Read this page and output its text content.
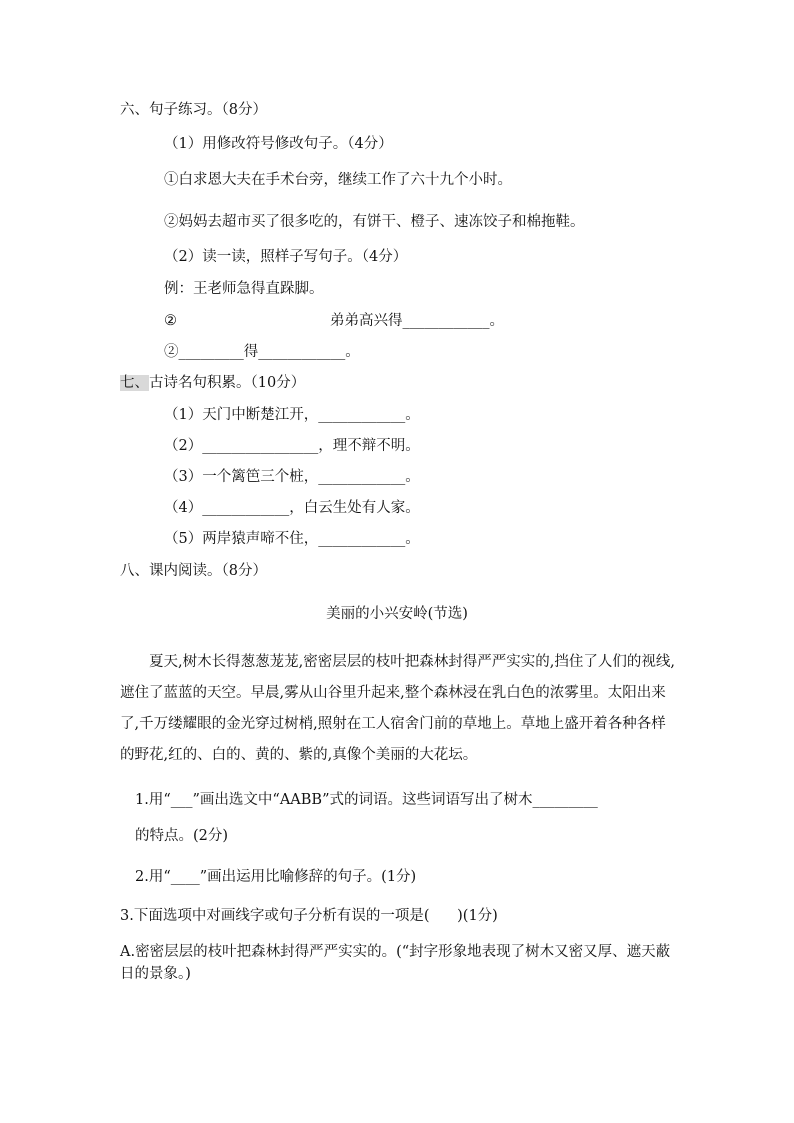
六、句子练习。（8分）
（1）用修改符号修改句子。（4分）
①白求恩大夫在手术台旁，继续工作了六十九个小时。
②妈妈去超市买了很多吃的，有饼干、橙子、速冻饺子和棉拖鞋。
（2）读一读，照样子写句子。（4分）
例：王老师急得直跺脚。
②	弟弟高兴得____________。
②_________得____________。
七、古诗名句积累。（10分）
（1）天门中断楚江开，____________。
（2）________________，理不辩不明。
（3）一个篱笆三个桩，____________。
（4）____________，白云生处有人家。
（5）两岸猿声啼不住，____________。
八、课内阅读。（8分）
美丽的小兴安岭(节选)
夏天,树木长得葱葱茏茏,密密层层的枝叶把森林封得严严实实的,挡住了人们的视线,遮住了蓝蓝的天空。早晨,雾从山谷里升起来,整个森林浸在乳白色的浓雾里。太阳出来了,千万缕耀眼的金光穿过树梢,照射在工人宿舍门前的草地上。草地上盛开着各种各样的野花,红的、白的、黄的、紫的,真像个美丽的大花坛。
1.用“___”画出选文中“AABB”式的词语。这些词语写出了树木_________
的特点。(2分)
2.用“____”画出运用比喻修辞的句子。(1分)
3.下面选项中对画线字或句子分析有误的一项是(      )(1分)
A.密密层层的枝叶把森林封得严严实实的。(“封字形象地表现了树木又密又厚、遮天蔽日的景象。)
